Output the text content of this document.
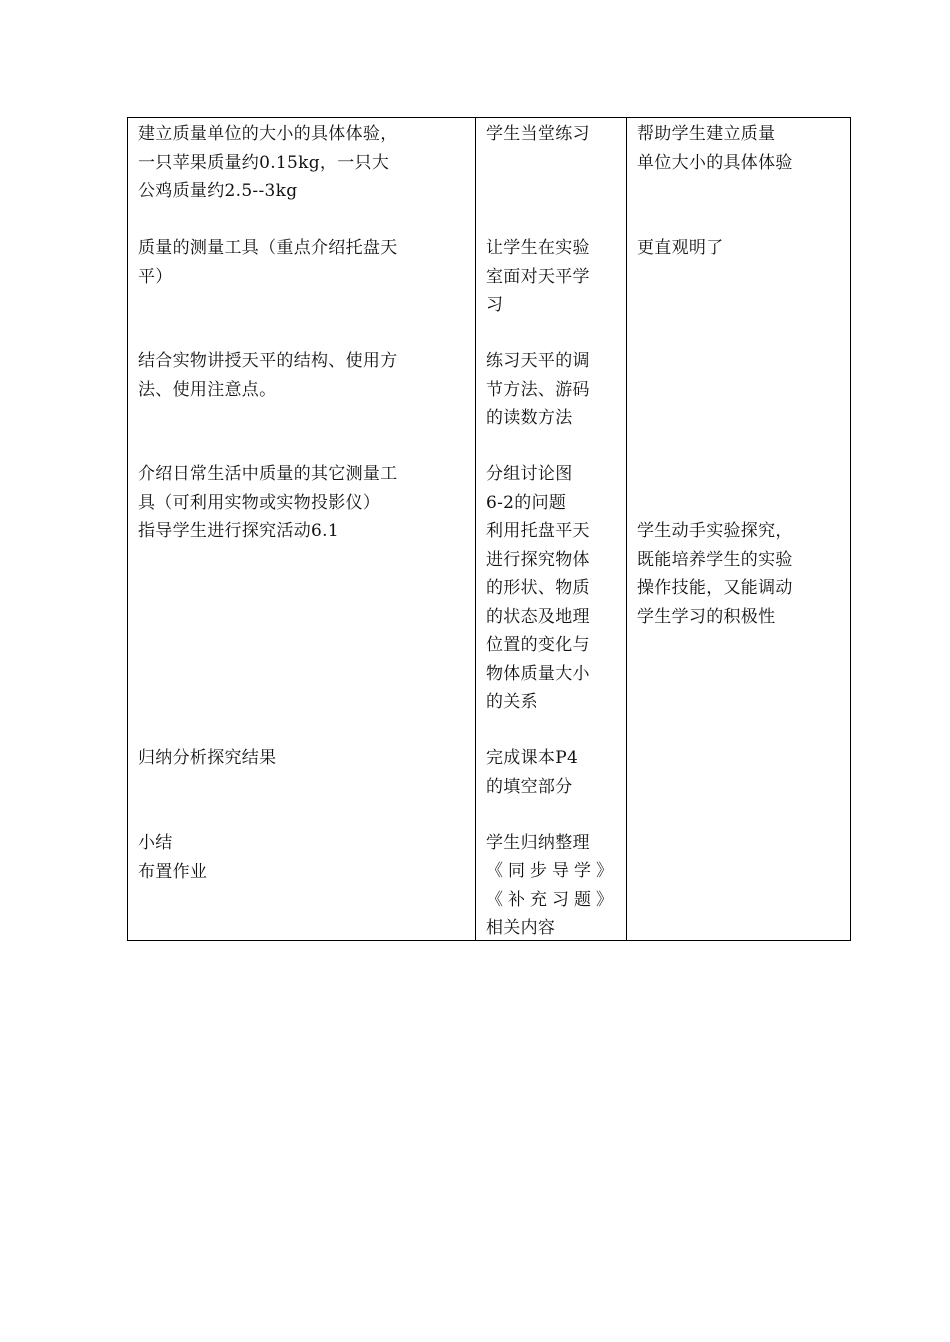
建立质量单位的大小的具体体验，
一只苹果质量约0.15kg，一只大
公鸡质量约2.5--3kg
质量的测量工具（重点介绍托盘天
平）
结合实物讲授天平的结构、使用方
法、使用注意点。
介绍日常生活中质量的其它测量工
具（可利用实物或实物投影仪）
指导学生进行探究活动6.1
归纳分析探究结果
小结
布置作业
学生当堂练习
让学生在实验
室面对天平学
习
练习天平的调
节方法、游码
的读数方法
分组讨论图
6-2的问题
利用托盘平天
进行探究物体
的形状、物质
的状态及地理
位置的变化与
物体质量大小
的关系
完成课本P4
的填空部分
学生归纳整理
《同步导学》
《补充习题》
相关内容
帮助学生建立质量
单位大小的具体体验
更直观明了
学生动手实验探究，
既能培养学生的实验
操作技能，又能调动
学生学习的积极性
